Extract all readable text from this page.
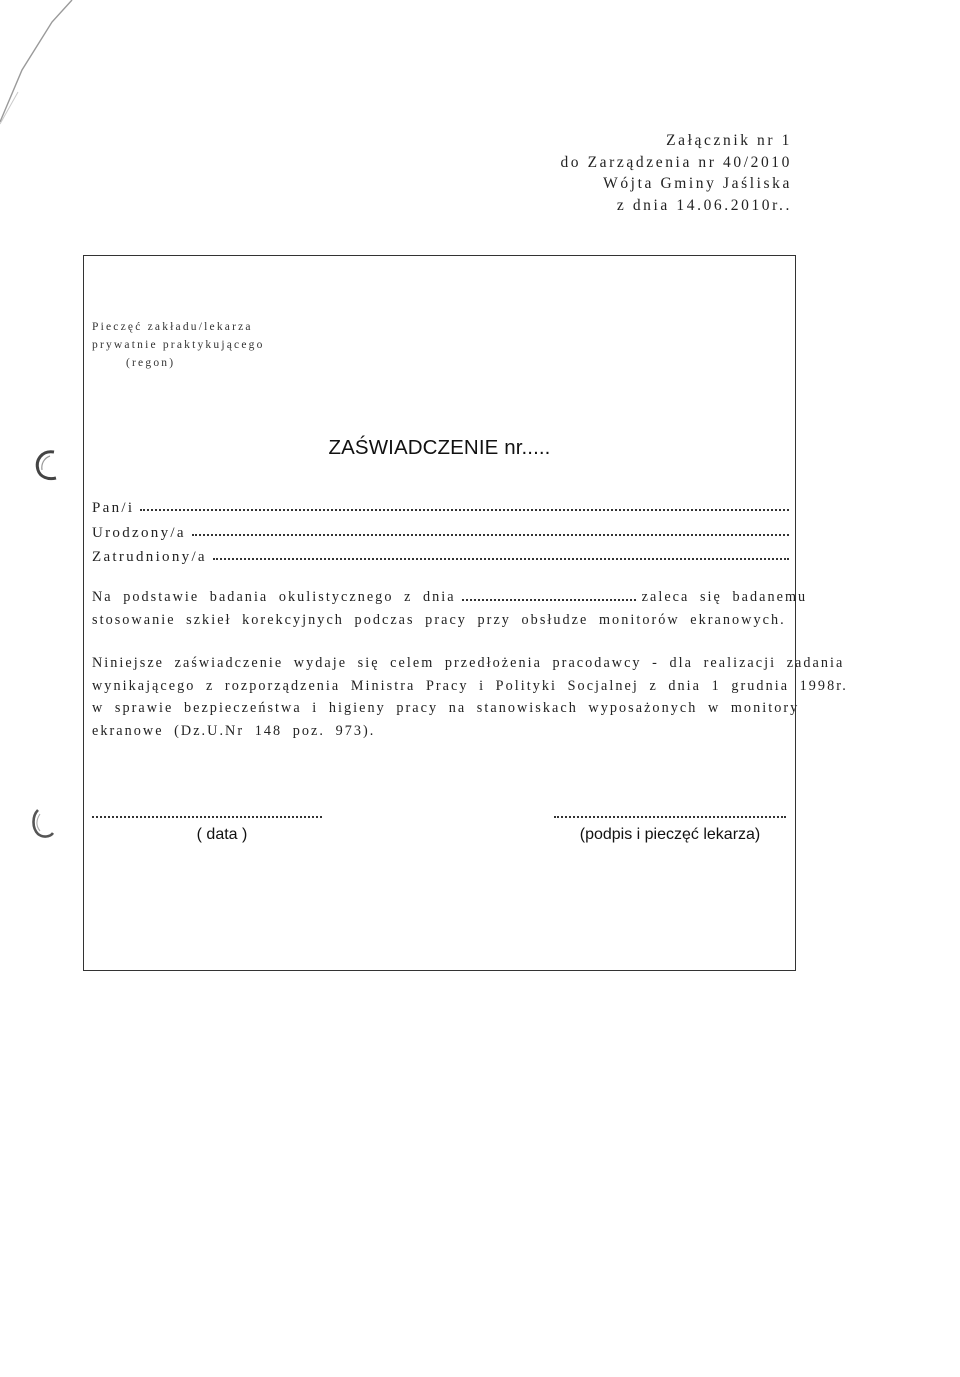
Załącznik nr 1
do Zarządzenia nr 40/2010
Wójta Gminy Jaśliska
z dnia 14.06.2010r..
Pieczęć zakładu/lekarza
prywatnie praktykującego
(regon)
ZAŚWIADCZENIE nr.....
Pan/i
Urodzony/a
Zatrudniony/a
Na podstawie badania okulistycznego z dnia	zaleca się badanemu
stosowanie szkieł korekcyjnych podczas pracy przy obsłudze monitorów ekranowych.
Niniejsze zaświadczenie wydaje się celem przedłożenia pracodawcy - dla realizacji zadania
wynikającego z rozporządzenia Ministra Pracy i Polityki Socjalnej z dnia 1 grudnia 1998r.
w sprawie bezpieczeństwa i higieny pracy na stanowiskach wyposażonych w monitory
ekranowe (Dz.U.Nr 148 poz. 973).
( data )	(podpis i pieczęć lekarza)
